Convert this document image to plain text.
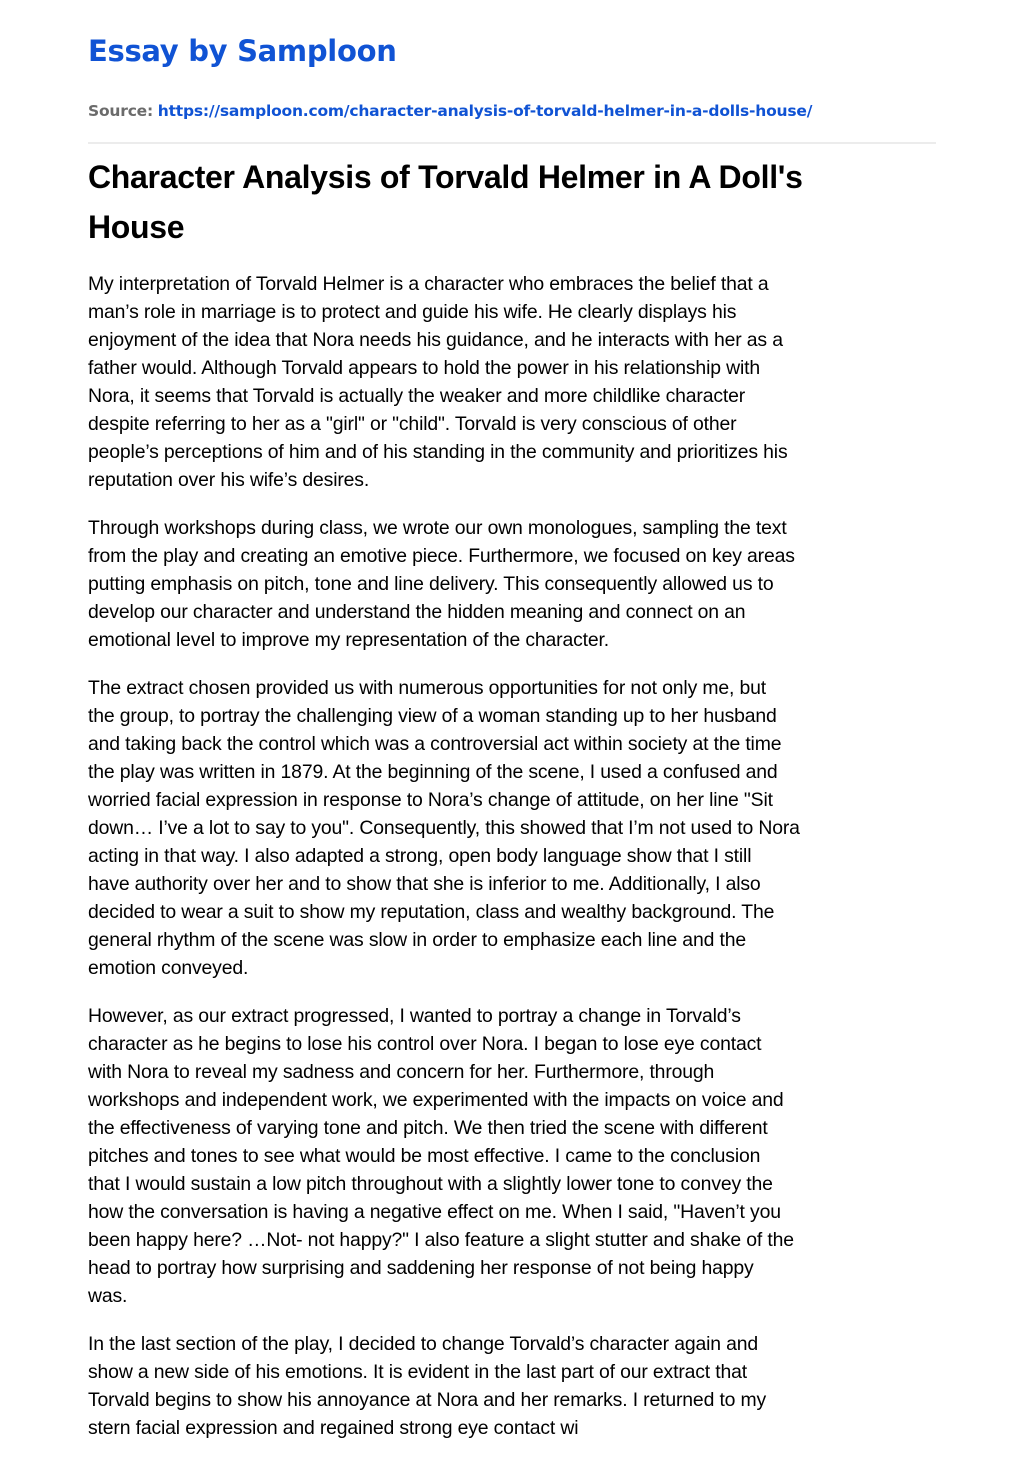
Essay by Samploon
Source: https://samploon.com/character-analysis-of-torvald-helmer-in-a-dolls-house/
Character Analysis of Torvald Helmer in A Doll's
House

My interpretation of Torvald Helmer is a character who embraces the belief that a
man’s role in marriage is to protect and guide his wife. He clearly displays his
enjoyment of the idea that Nora needs his guidance, and he interacts with her as a
father would. Although Torvald appears to hold the power in his relationship with
Nora, it seems that Torvald is actually the weaker and more childlike character
despite referring to her as a "girl" or "child". Torvald is very conscious of other
people’s perceptions of him and of his standing in the community and prioritizes his
reputation over his wife’s desires.

Through workshops during class, we wrote our own monologues, sampling the text
from the play and creating an emotive piece. Furthermore, we focused on key areas
putting emphasis on pitch, tone and line delivery. This consequently allowed us to
develop our character and understand the hidden meaning and connect on an
emotional level to improve my representation of the character.

The extract chosen provided us with numerous opportunities for not only me, but
the group, to portray the challenging view of a woman standing up to her husband
and taking back the control which was a controversial act within society at the time
the play was written in 1879. At the beginning of the scene, I used a confused and
worried facial expression in response to Nora’s change of attitude, on her line "Sit
down… I’ve a lot to say to you". Consequently, this showed that I’m not used to Nora
acting in that way. I also adapted a strong, open body language show that I still
have authority over her and to show that she is inferior to me. Additionally, I also
decided to wear a suit to show my reputation, class and wealthy background. The
general rhythm of the scene was slow in order to emphasize each line and the
emotion conveyed.

However, as our extract progressed, I wanted to portray a change in Torvald’s
character as he begins to lose his control over Nora. I began to lose eye contact
with Nora to reveal my sadness and concern for her. Furthermore, through
workshops and independent work, we experimented with the impacts on voice and
the effectiveness of varying tone and pitch. We then tried the scene with different
pitches and tones to see what would be most effective. I came to the conclusion
that I would sustain a low pitch throughout with a slightly lower tone to convey the
how the conversation is having a negative effect on me. When I said, "Haven’t you
been happy here? …Not- not happy?" I also feature a slight stutter and shake of the
head to portray how surprising and saddening her response of not being happy
was.

In the last section of the play, I decided to change Torvald’s character again and
show a new side of his emotions. It is evident in the last part of our extract that
Torvald begins to show his annoyance at Nora and her remarks. I returned to my
stern facial expression and regained strong eye contact wi
